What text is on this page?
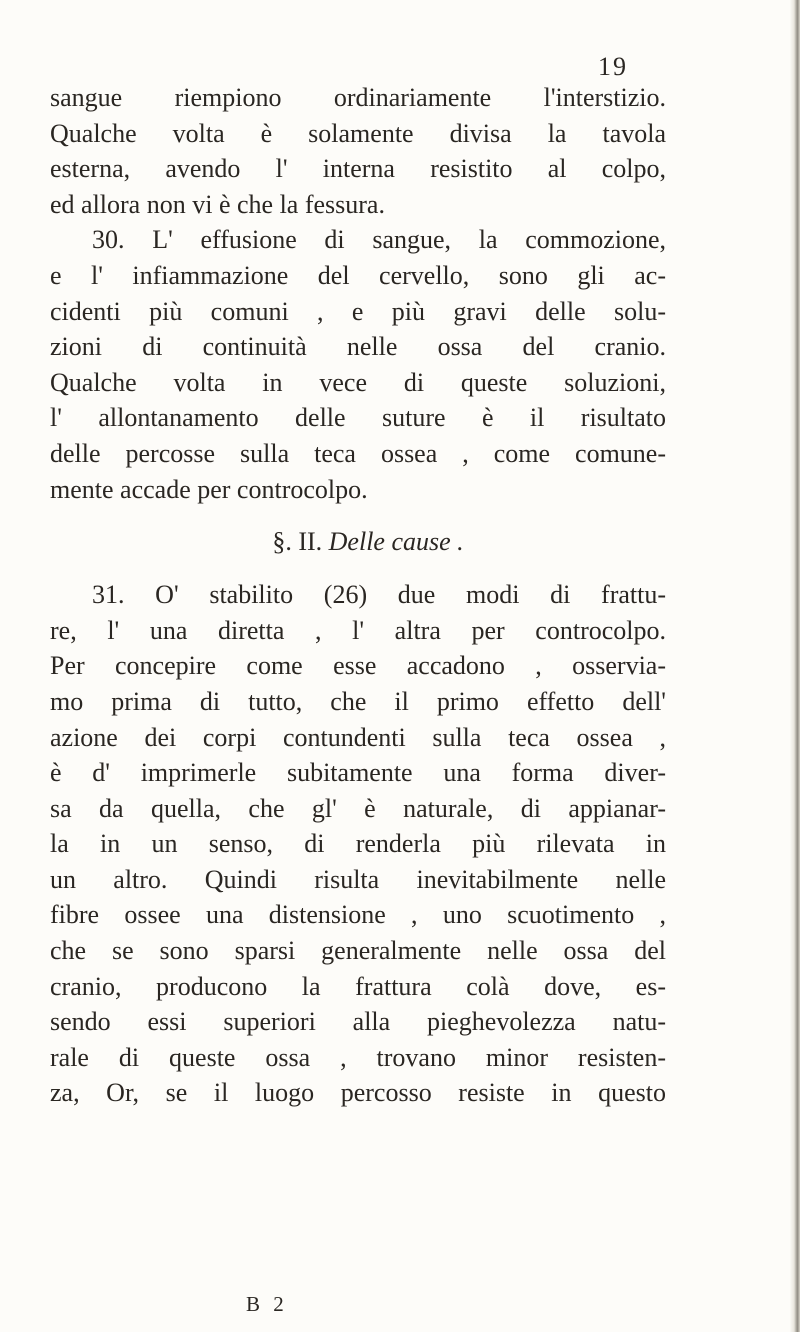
19
sangue riempiono ordinariamente l'interstizio.
Qualche volta è solamente divisa la tavola
esterna, avendo l' interna resistito al colpo,
ed allora non vi è che la fessura.
30. L' effusione di sangue, la commozione,
e l' infiammazione del cervello, sono gli ac-
cidenti più comuni , e più gravi delle solu-
zioni di continuità nelle ossa del cranio.
Qualche volta in vece di queste soluzioni,
l' allontanamento delle suture è il risultato
delle percosse sulla teca ossea , come comune-
mente accade per controcolpo.
§. II. Delle cause .
31. O' stabilito (26) due modi di frattu-
re, l' una diretta , l' altra per controcolpo.
Per concepire come esse accadono , osservia-
mo prima di tutto, che il primo effetto dell'
azione dei corpi contundenti sulla teca ossea ,
è d' imprimerle subitamente una forma diver-
sa da quella, che gl' è naturale, di appianar-
la in un senso, di renderla più rilevata in
un altro. Quindi risulta inevitabilmente nelle
fibre ossee una distensione , uno scuotimento ,
che se sono sparsi generalmente nelle ossa del
cranio, producono la frattura colà dove, es-
sendo essi superiori alla pieghevolezza natu-
rale di queste ossa , trovano minor resisten-
za, Or, se il luogo percosso resiste in questo
B 2
